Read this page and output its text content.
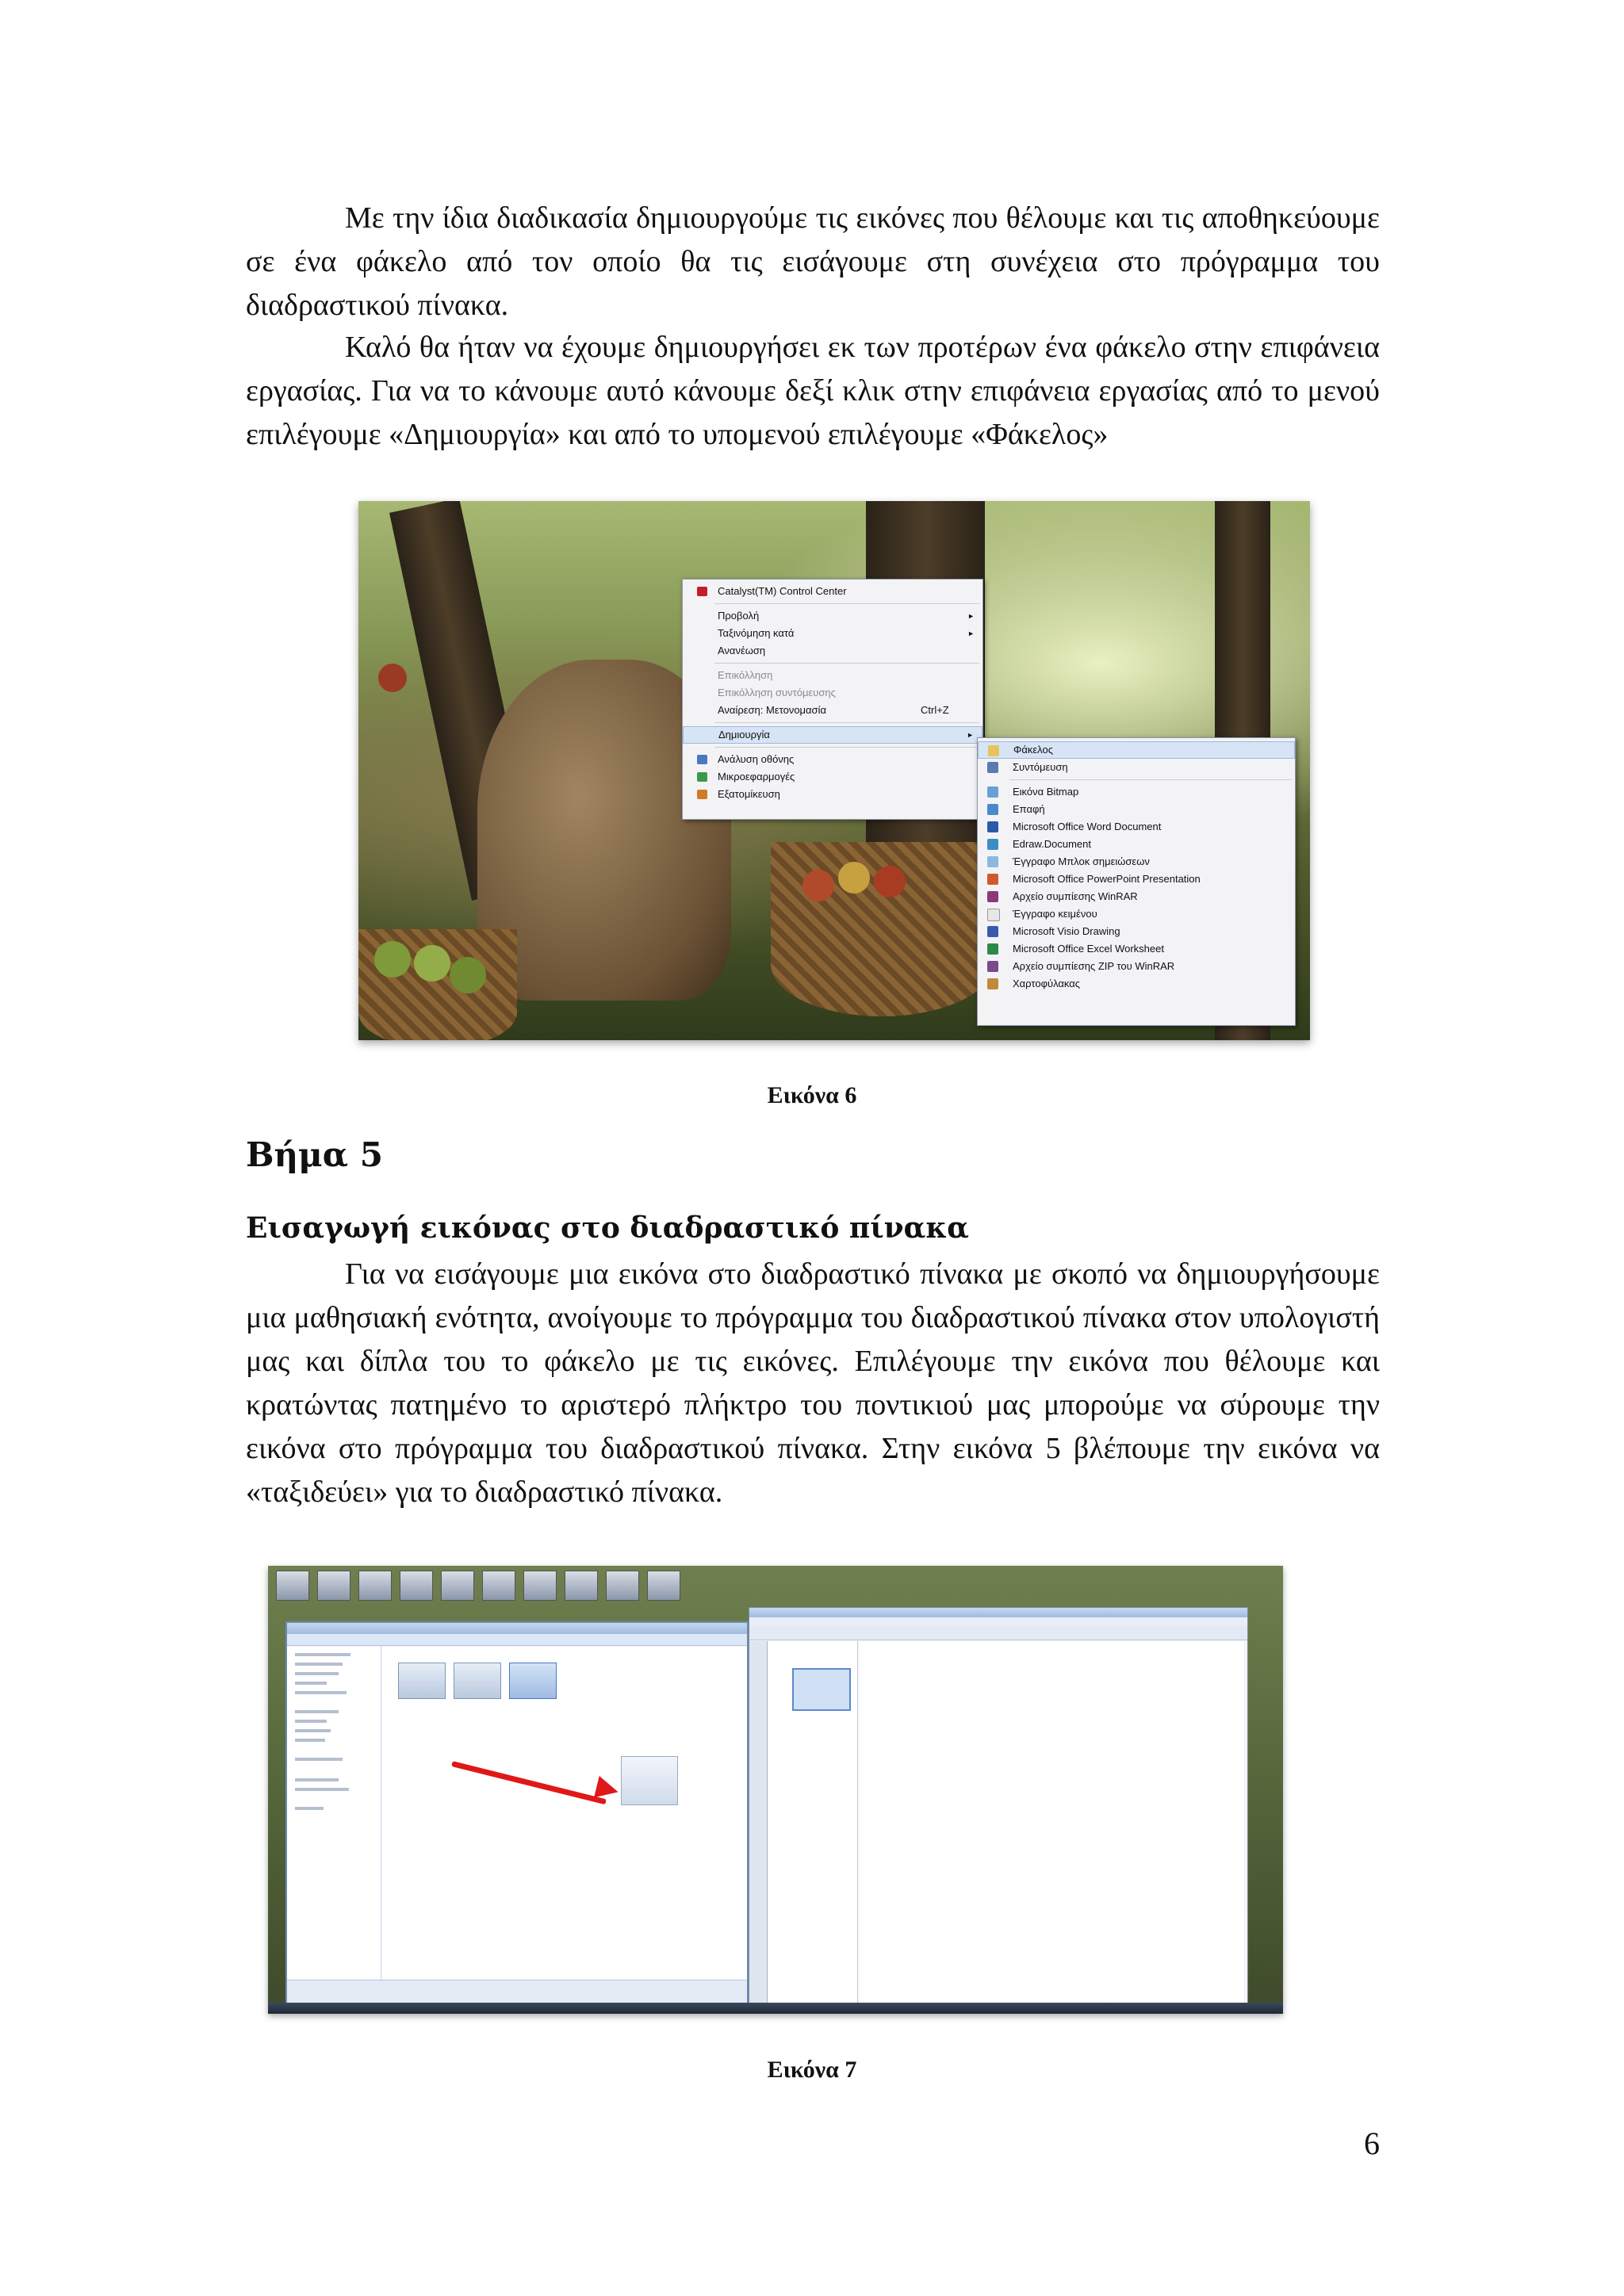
Με την ίδια διαδικασία δημιουργούμε τις εικόνες που θέλουμε και τις αποθηκεύουμε σε ένα φάκελο από τον οποίο θα τις εισάγουμε στη συνέχεια στο πρόγραμμα του διαδραστικού πίνακα.

Καλό θα ήταν να έχουμε δημιουργήσει εκ των προτέρων ένα φάκελο στην επιφάνεια εργασίας. Για να το κάνουμε αυτό κάνουμε δεξί κλικ στην επιφάνεια εργασίας από το μενού επιλέγουμε «Δημιουργία» και από το υπομενού επιλέγουμε «Φάκελος»

Catalyst(TM) Control Center
Προβολή	►
Ταξινόμηση κατά	►
Ανανέωση
Επικόλληση
Επικόλληση συντόμευσης
Αναίρεση: Μετονομασία	Ctrl+Z
Δημιουργία	►
Ανάλυση οθόνης
Μικροεφαρμογές
Εξατομίκευση
Φάκελος
Συντόμευση
Εικόνα Bitmap
Επαφή
Microsoft Office Word Document
Edraw.Document
Έγγραφο Μπλοκ σημειώσεων
Microsoft Office PowerPoint Presentation
Αρχείο συμπίεσης WinRAR
Έγγραφο κειμένου
Microsoft Visio Drawing
Microsoft Office Excel Worksheet
Αρχείο συμπίεσης ZIP του WinRAR
Χαρτοφύλακας
Εικόνα 6
Βήμα 5
Εισαγωγή εικόνας στο διαδραστικό πίνακα

Για να εισάγουμε μια εικόνα στο διαδραστικό πίνακα με σκοπό να δημιουργήσουμε μια μαθησιακή ενότητα, ανοίγουμε το πρόγραμμα του διαδραστικού πίνακα στον υπολογιστή μας και δίπλα του το φάκελο με τις εικόνες. Επιλέγουμε την εικόνα που θέλουμε και κρατώντας πατημένο το αριστερό πλήκτρο του ποντικιού μας μπορούμε να σύρουμε την εικόνα στο πρόγραμμα του διαδραστικού πίνακα. Στην εικόνα 5 βλέπουμε την εικόνα να «ταξιδεύει» για το διαδραστικό πίνακα.

Εικόνα 7
6
